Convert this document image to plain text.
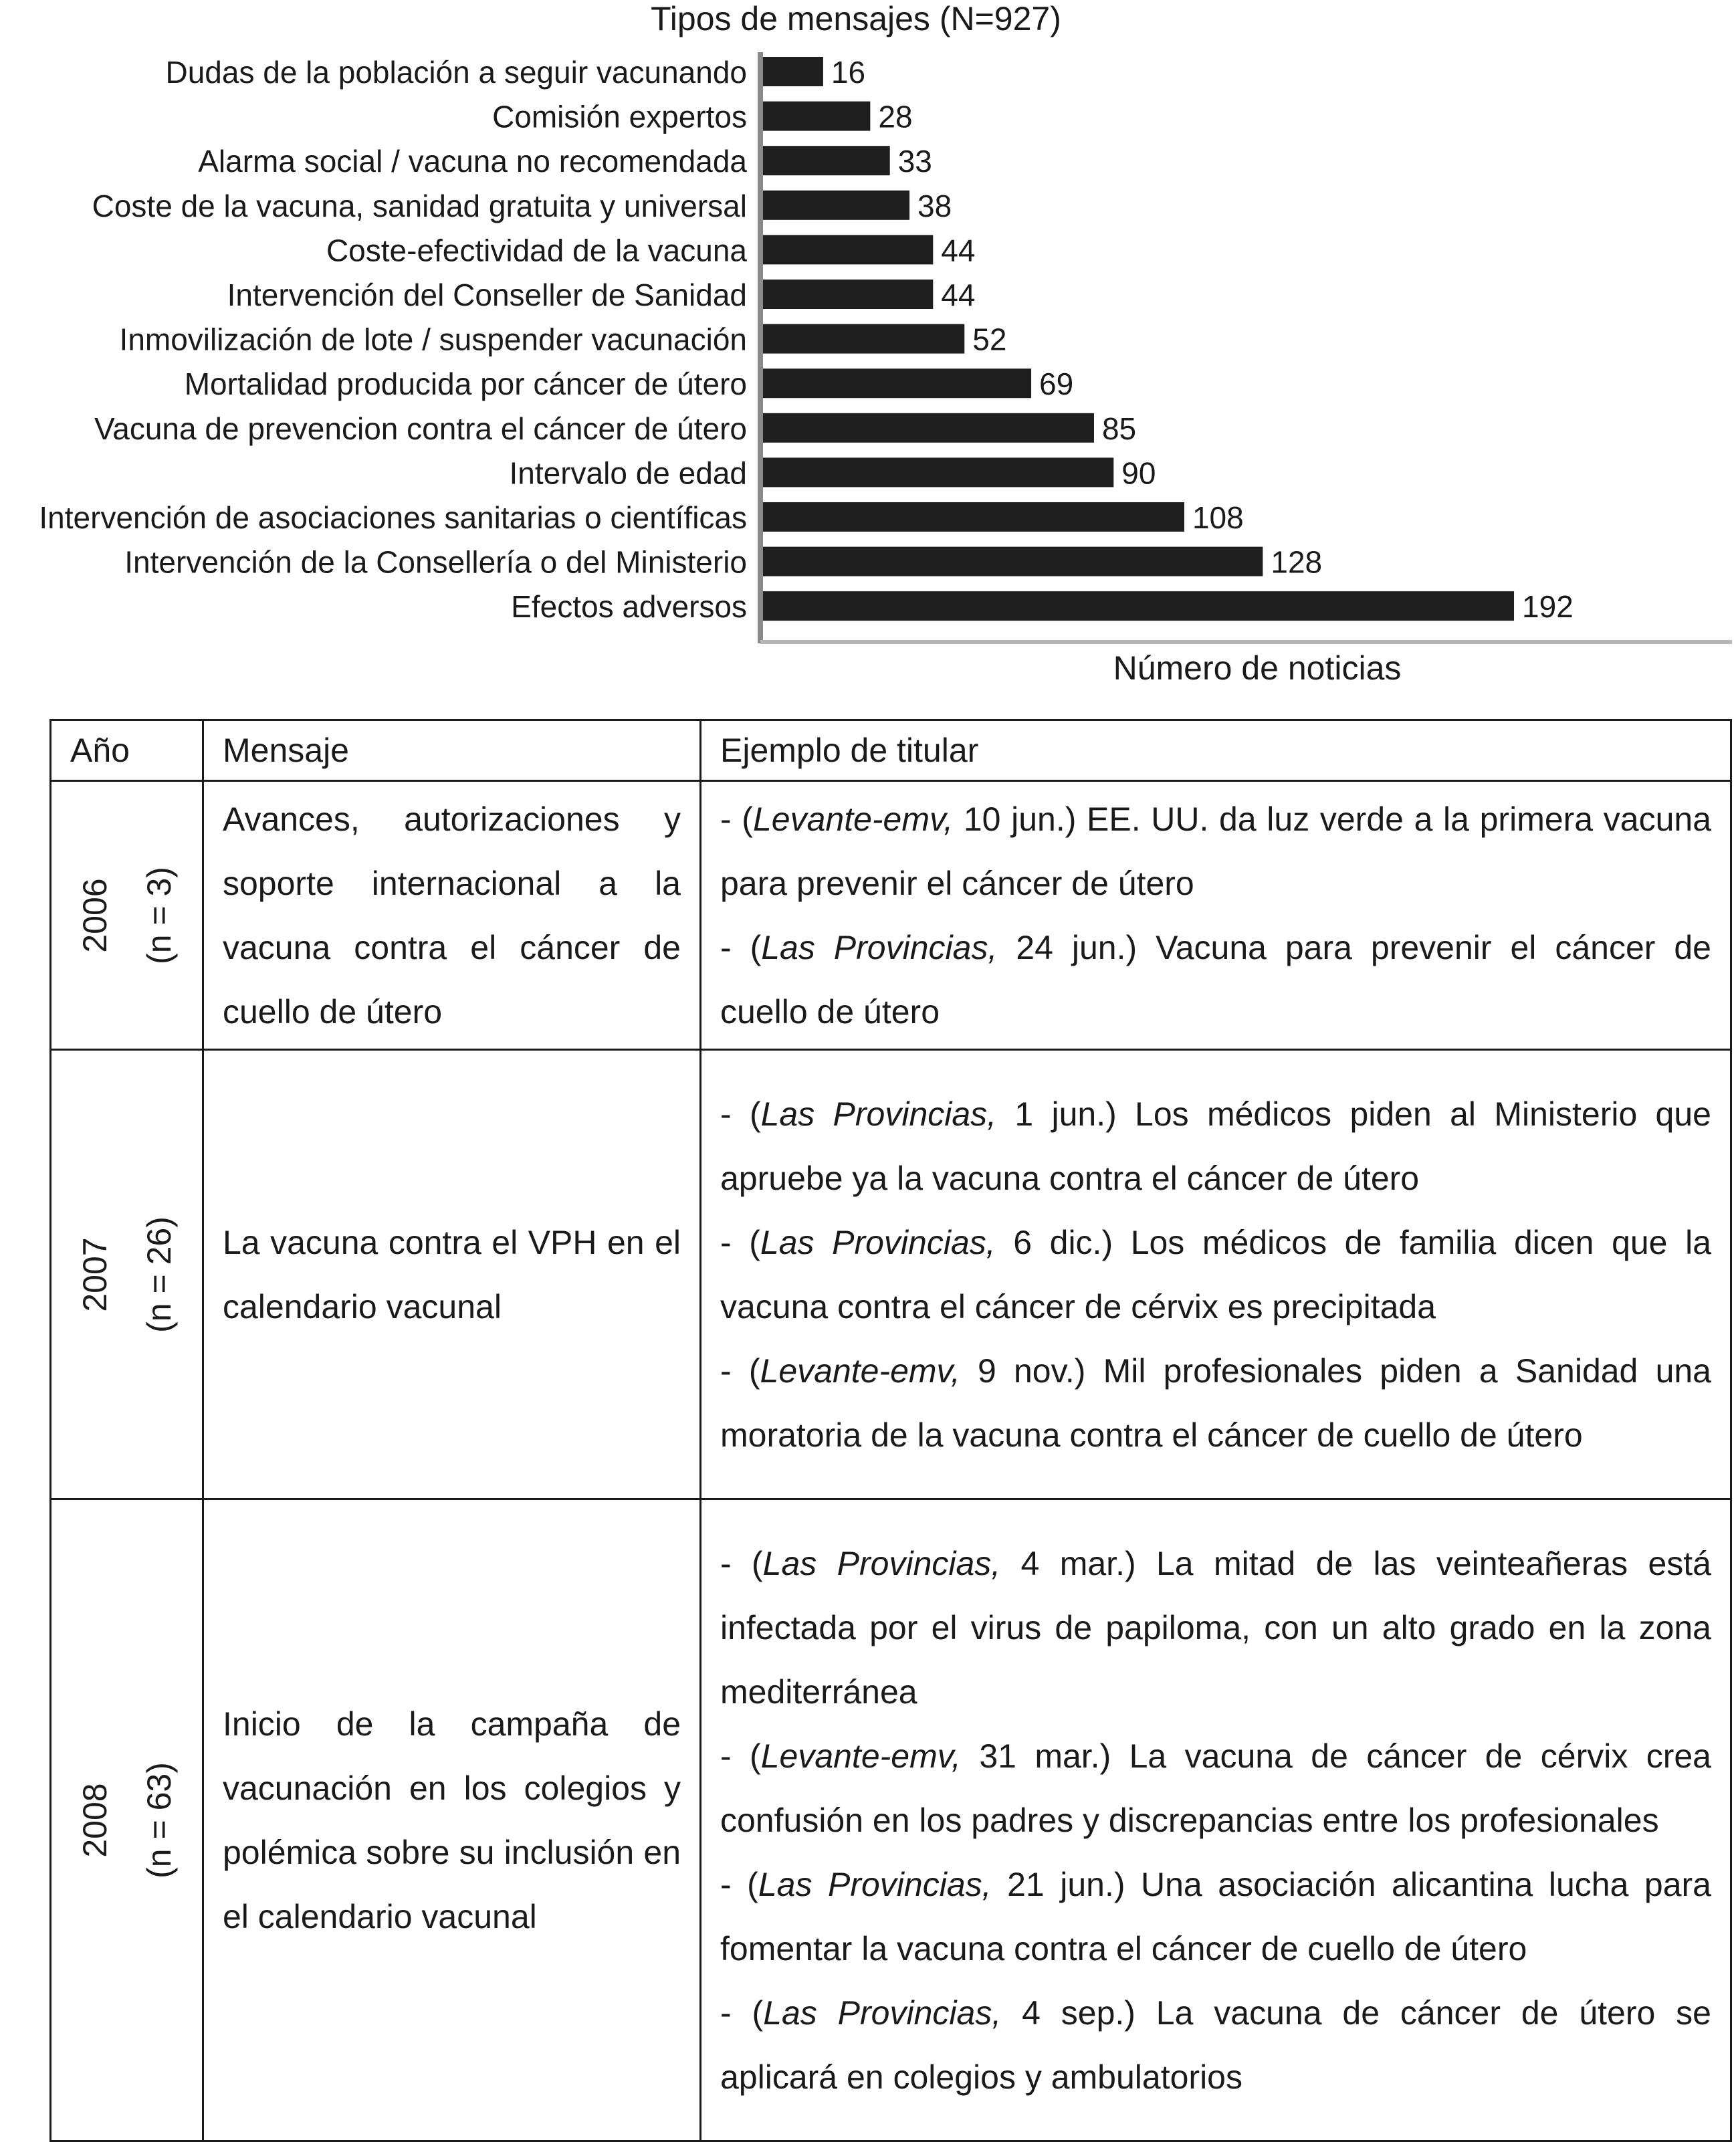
Tipos de mensajes (N=927)
Dudas de la población a seguir vacunando	16
Comisión expertos	28
Alarma social / vacuna no recomendada	33
Coste de la vacuna, sanidad gratuita y universal	38
Coste-efectividad de la vacuna	44
Intervención del Conseller de Sanidad	44
Inmovilización de lote / suspender vacunación	52
Mortalidad producida por cáncer de útero	69
Vacuna de prevencion contra el cáncer de útero	85
Intervalo de edad	90
Intervención de asociaciones sanitarias o científicas	108
Intervención de la Consellería o del Ministerio	128
Efectos adversos	192
Número de noticias
Año	Mensaje	Ejemplo de titular

2006 (n = 3)	Avances, autorizaciones y soporte internacional a la vacuna contra el cáncer de cuello de útero	- (Levante-emv, 10 jun.) EE. UU. da luz verde a la primera vacuna para prevenir el cáncer de útero
- (Las Provincias, 24 jun.) Vacuna para prevenir el cáncer de cuello de útero

2007 (n = 26)	La vacuna contra el VPH en el calendario vacunal	- (Las Provincias, 1 jun.) Los médicos piden al Ministerio que apruebe ya la vacuna contra el cáncer de útero
- (Las Provincias, 6 dic.) Los médicos de familia dicen que la vacuna contra el cáncer de cérvix es precipitada
- (Levante-emv, 9 nov.) Mil profesionales piden a Sanidad una moratoria de la vacuna contra el cáncer de cuello de útero

2008 (n = 63)	Inicio de la campaña de vacunación en los colegios y polémica sobre su inclusión en el calendario vacunal	- (Las Provincias, 4 mar.) La mitad de las veinteañeras está infectada por el virus de papiloma, con un alto grado en la zona mediterránea
- (Levante-emv, 31 mar.) La vacuna de cáncer de cérvix crea confusión en los padres y discrepancias entre los profesionales
- (Las Provincias, 21 jun.) Una asociación alicantina lucha para fomentar la vacuna contra el cáncer de cuello de útero
- (Las Provincias, 4 sep.) La vacuna de cáncer de útero se aplicará en colegios y ambulatorios
